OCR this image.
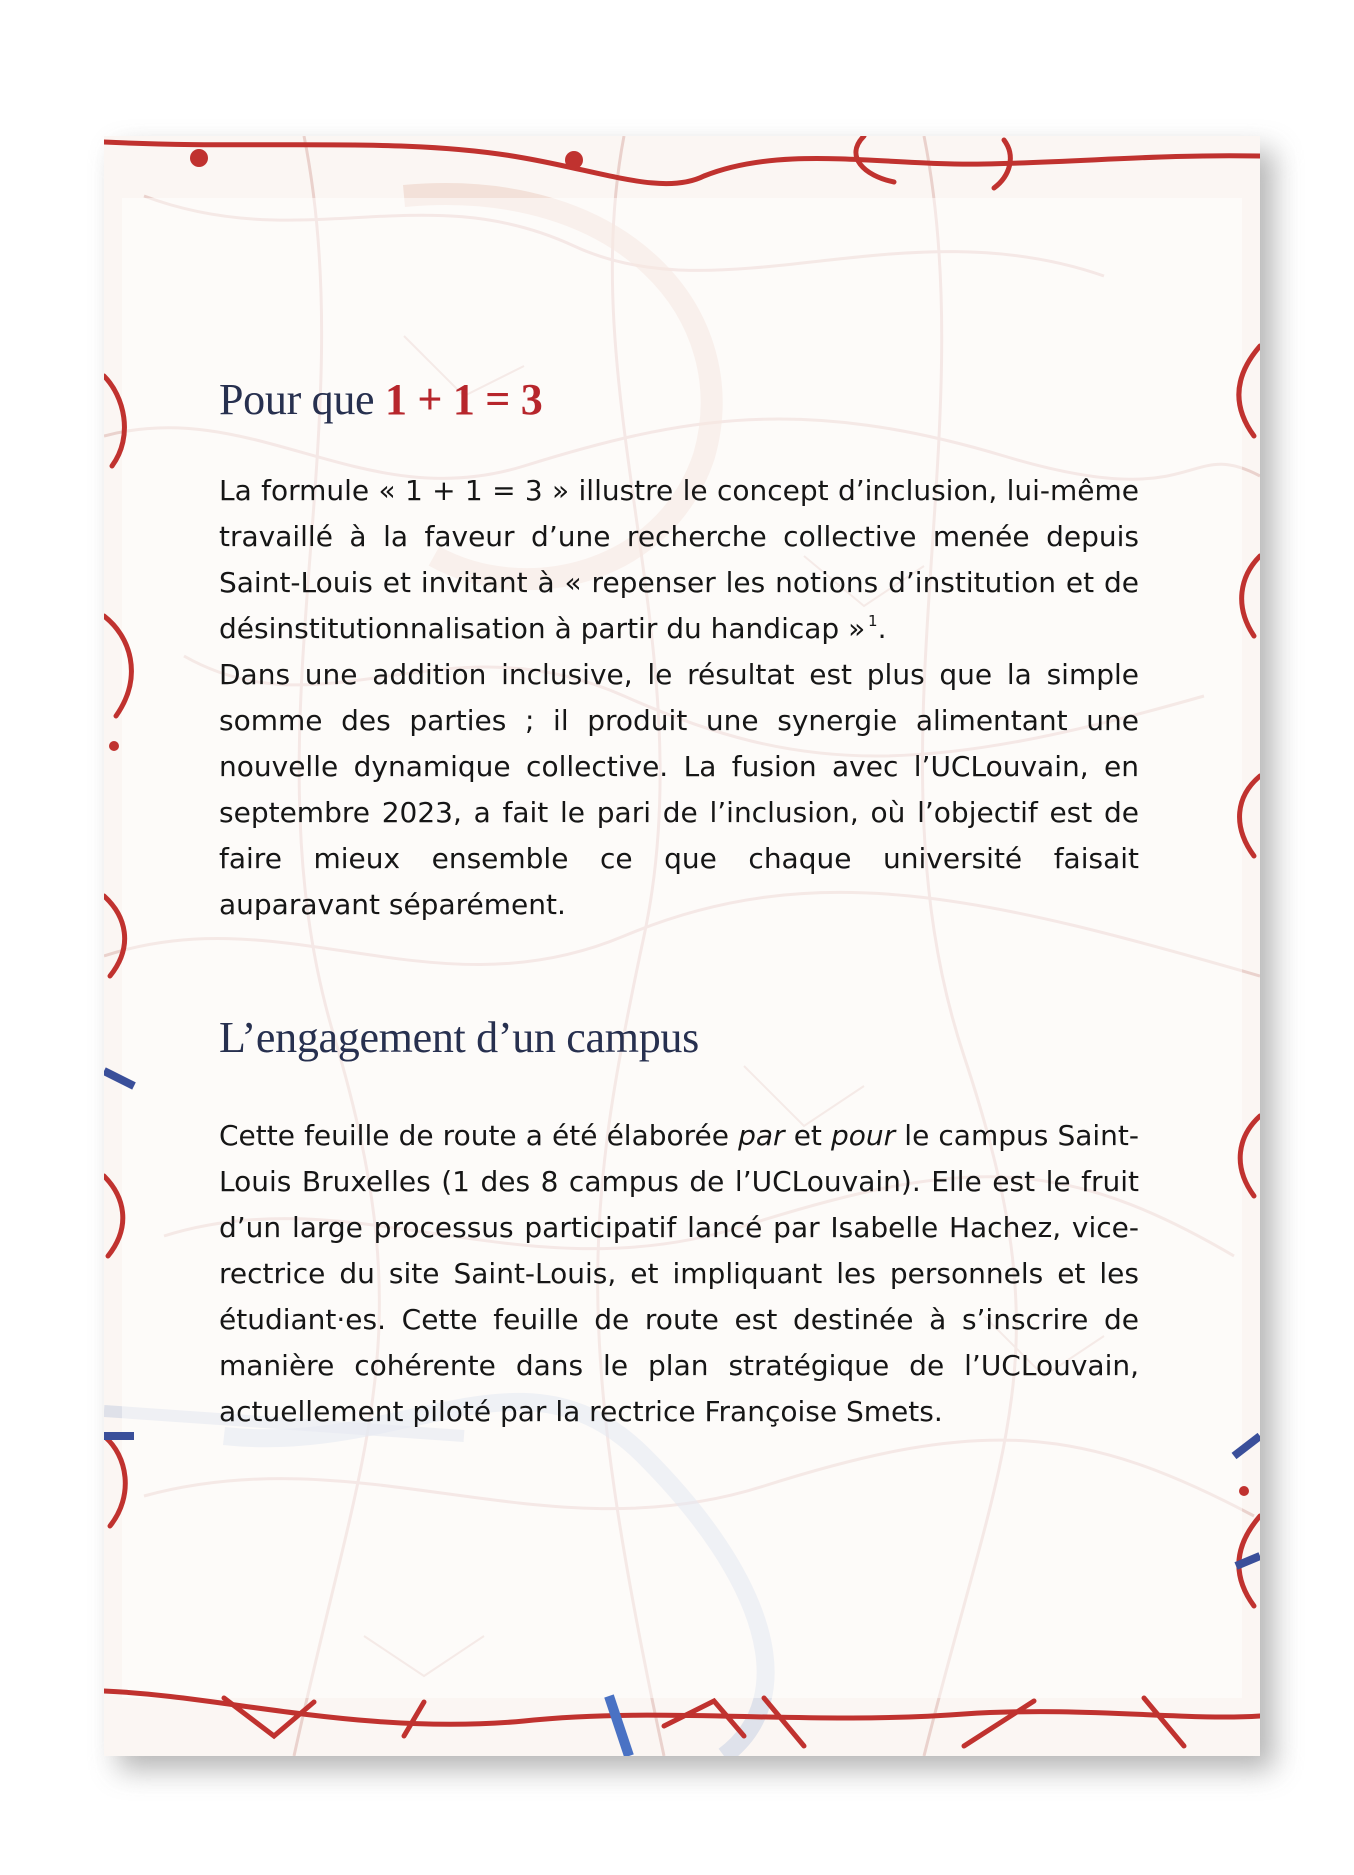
Pour que 1 + 1 = 3

La formule « 1 + 1 = 3 » illustre le concept d’inclusion, lui-même travaillé à la faveur d’une recherche collective menée depuis Saint-Louis et invitant à « repenser les notions d’institution et de désinstitutionnalisation à partir du handicap »  $^1$.

Dans une addition inclusive, le résultat est plus que la simple somme des parties ; il produit une synergie alimentant une nouvelle dynamique collective. La fusion avec l’UCLouvain, en septembre 2023, a fait le pari de l’inclusion, où l’objectif est de faire mieux ensemble ce que chaque université faisait auparavant séparément.

L’engagement d’un campus

Cette feuille de route a été élaborée par et pour le campus Saint-Louis Bruxelles (1 des 8 campus de l’UCLouvain). Elle est le fruit d’un large processus participatif lancé par Isabelle Hachez, vice-rectrice du site Saint-Louis, et impliquant les personnels et les étudiant·es. Cette feuille de route est destinée à s’inscrire de manière cohérente dans le plan stratégique de l’UCLouvain, actuellement piloté par la rectrice Françoise Smets.
